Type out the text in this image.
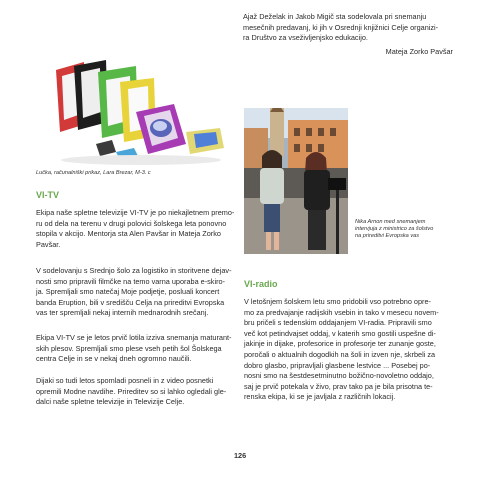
Ajaž Deželak in Jakob Migič sta sodelovala pri snemanju
mesečnih predavanj, ki jih v Osrednji knjižnici Celje organizi-
ra Društvo za vseživljenjsko edukacijo.
Mateja Zorko Pavšar
Lučka, računalniški prikaz, Lara Brezar, M-3. c
Nika Arnon med snemanjem
intervjuja z ministrico za šolstvo
na prireditvi Evropska vas
VI-TV
Ekipa naše spletne televizije VI-TV je po niekajletnem premo-
ru od dela na terenu v drugi polovici šolskega leta ponovno
stopila v akcijo. Mentorja sta Alen Pavšar in Mateja Zorko
Pavšar.
V sodelovanju s Srednjo šolo za logistiko in storitvene dejav-
nosti smo pripravili filmčke na temo varna uporaba e-skiro-
ja. Spremljali smo natečaj Moje podjetje, posluali koncert
banda Eruption, bili v središču Celja na prireditvi Evropska
vas ter spremljali nekaj internih mednarodnih srečanj.
Ekipa VI-TV se je letos prvič lotila izziva snemanja maturant-
skih plesov. Spremljali smo plese vseh petih šol Šolskega
centra Celje in se v nekaj dneh ogromno naučili.
Dijaki so tudi letos spomladi posneli in z video posnetki
opremili Modne navdihe. Prireditev so si lahko ogledali gle-
dalci naše spletne televizije in Televizije Celje.
VI-radio
V letošnjem šolskem letu smo pridobili vso potrebno opre-
mo za predvajanje radijskih vsebin in tako v mesecu novem-
bru pričeli s tedenskim oddajanjem VI-radia. Pripravili smo
več kot petindvajset oddaj, v katerih smo gostili uspešne di-
jakinje in dijake, profesorice in profesorje ter zunanje goste,
poročali o aktualnih dogodkih na šoli in izven nje, skrbeli za
dobro glasbo, pripravljali glasbene lestvice ... Posebej po-
nosni smo na šestdesetminutno božično-novoletno oddajo,
saj je prvič potekala v živo, prav tako pa je bila prisotna te-
renska ekipa, ki se je javljala z različnih lokacij.
126
